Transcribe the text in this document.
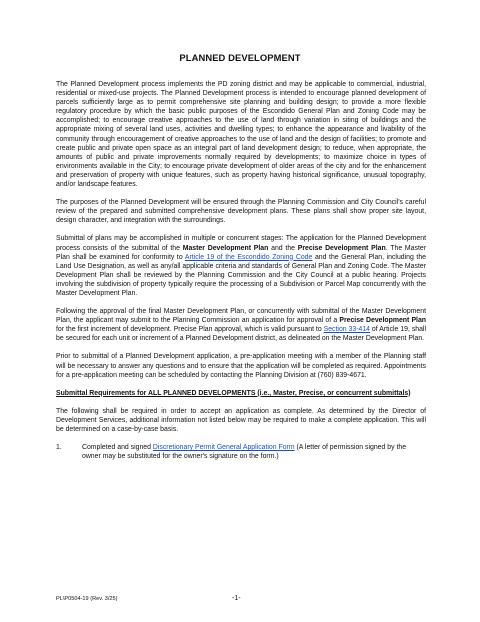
PLANNED DEVELOPMENT

The Planned Development process implements the PD zoning district and may be applicable to commercial, industrial, residential or mixed-use projects. The Planned Development process is intended to encourage planned development of parcels sufficiently large as to permit comprehensive site planning and building design; to provide a more flexible regulatory procedure by which the basic public purposes of the Escondido General Plan and Zoning Code may be accomplished; to encourage creative approaches to the use of land through variation in siting of buildings and the appropriate mixing of several land uses, activities and dwelling types; to enhance the appearance and livability of the community through encouragement of creative approaches to the use of land and the design of facilities; to promote and create public and private open space as an integral part of land development design; to reduce, when appropriate, the amounts of public and private improvements normally required by developments; to maximize choice in types of environments available in the City; to encourage private development of older areas of the city and for the enhancement and preservation of property with unique features, such as property having historical significance, unusual topography, and/or landscape features.

The purposes of the Planned Development will be ensured through the Planning Commission and City Council's careful review of the prepared and submitted comprehensive development plans. These plans shall show proper site layout, design character, and integration with the surroundings.

Submittal of plans may be accomplished in multiple or concurrent stages: The application for the Planned Development process consists of the submittal of the Master Development Plan and the Precise Development Plan. The Master Plan shall be examined for conformity to Article 19 of the Escondido Zoning Code and the General Plan, including the Land Use Designation, as well as any/all applicable criteria and standards of General Plan and Zoning Code. The Master Development Plan shall be reviewed by the Planning Commission and the City Council at a public hearing. Projects involving the subdivision of property typically require the processing of a Subdivision or Parcel Map concurrently with the Master Development Plan.

Following the approval of the final Master Development Plan, or concurrently with submittal of the Master Development Plan, the applicant may submit to the Planning Commission an application for approval of a Precise Development Plan for the first increment of development. Precise Plan approval, which is valid pursuant to Section 33-414 of Article 19, shall be secured for each unit or increment of a Planned Development district, as delineated on the Master Development Plan.

Prior to submittal of a Planned Development application, a pre-application meeting with a member of the Planning staff will be necessary to answer any questions and to ensure that the application will be completed as required. Appointments for a pre-application meeting can be scheduled by contacting the Planning Division at (760) 839-4671.

Submittal Requirements for ALL PLANNED DEVELOPMENTS (i.e., Master, Precise, or concurrent submittals)

The following shall be required in order to accept an application as complete. As determined by the Director of Development Services, additional information not listed below may be required to make a complete application. This will be determined on a case-by-case basis.

1.	Completed and signed Discretionary Permit General Application Form (A letter of permission signed by the owner may be substituted for the owner's signature on the form.)
PL\P0504-19 (Rev. 3/25)	-1-
